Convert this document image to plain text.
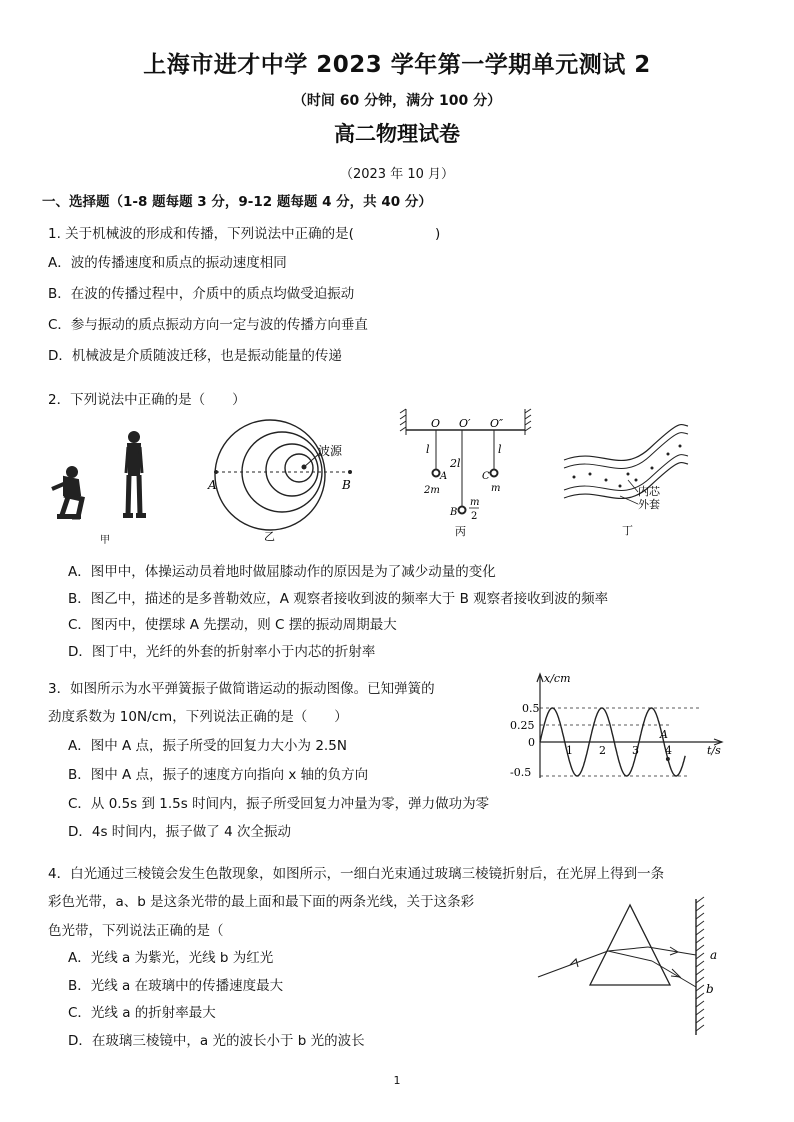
上海市进才中学 2023 学年第一学期单元测试 2
（时间 60 分钟，满分 100 分）
高二物理试卷
（2023 年 10 月）
一、选择题（1-8 题每题 3 分，9-12 题每题 4 分，共 40 分）
1. 关于机械波的形成和传播，下列说法中正确的是(　　　　　　)
A．波的传播速度和质点的振动速度相同
B．在波的传播过程中，介质中的质点均做受迫振动
C．参与振动的质点振动方向一定与波的传播方向垂直
D．机械波是介质随波迁移，也是振动能量的传递
2．下列说法中正确的是（　　）
甲
波源
A	B
乙
O O′ O″
l
2l
l
A
2m
B
m
2
C
m
丙
内芯
外套
丁
A．图甲中，体操运动员着地时做屈膝动作的原因是为了减少动量的变化
B．图乙中，描述的是多普勒效应，A 观察者接收到波的频率大于 B 观察者接收到波的频率
C．图丙中，使摆球 A 先摆动，则 C 摆的振动周期最大
D．图丁中，光纤的外套的折射率小于内芯的折射率
3．如图所示为水平弹簧振子做简谐运动的振动图像。已知弹簧的
劲度系数为 10N/cm，下列说法正确的是（　　）
A．图中 A 点，振子所受的回复力大小为 2.5N
B．图中 A 点，振子的速度方向指向 x 轴的负方向
C．从 0.5s 到 1.5s 时间内，振子所受回复力冲量为零，弹力做功为零
D．4s 时间内，振子做了 4 次全振动
0.5
0.25
0
-0.5
1 2 3 4
x/cm
t/s
A
4．白光通过三棱镜会发生色散现象，如图所示，一细白光束通过玻璃三棱镜折射后，在光屏上得到一条
彩色光带，a、b 是这条光带的最上面和最下面的两条光线，关于这条彩
色光带，下列说法正确的是（
A．光线 a 为紫光，光线 b 为红光
B．光线 a 在玻璃中的传播速度最大
C．光线 a 的折射率最大
D．在玻璃三棱镜中，a 光的波长小于 b 光的波长
a
b
1
